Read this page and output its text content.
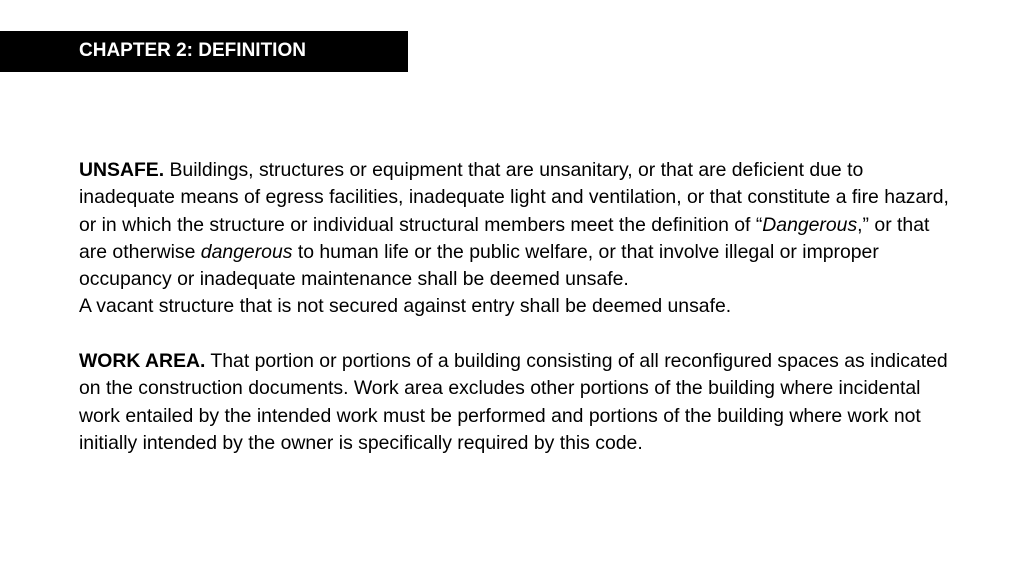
CHAPTER 2: DEFINITION

UNSAFE. Buildings, structures or equipment that are unsanitary, or that are deficient due to inadequate means of egress facilities, inadequate light and ventilation, or that constitute a fire hazard, or in which the structure or individual structural members meet the definition of “Dangerous,” or that are otherwise dangerous to human life or the public welfare, or that involve illegal or improper occupancy or inadequate maintenance shall be deemed unsafe.
A vacant structure that is not secured against entry shall be deemed unsafe.

WORK AREA. That portion or portions of a building consisting of all reconfigured spaces as indicated on the construction documents. Work area excludes other portions of the building where incidental work entailed by the intended work must be performed and portions of the building where work not initially intended by the owner is specifically required by this code.
